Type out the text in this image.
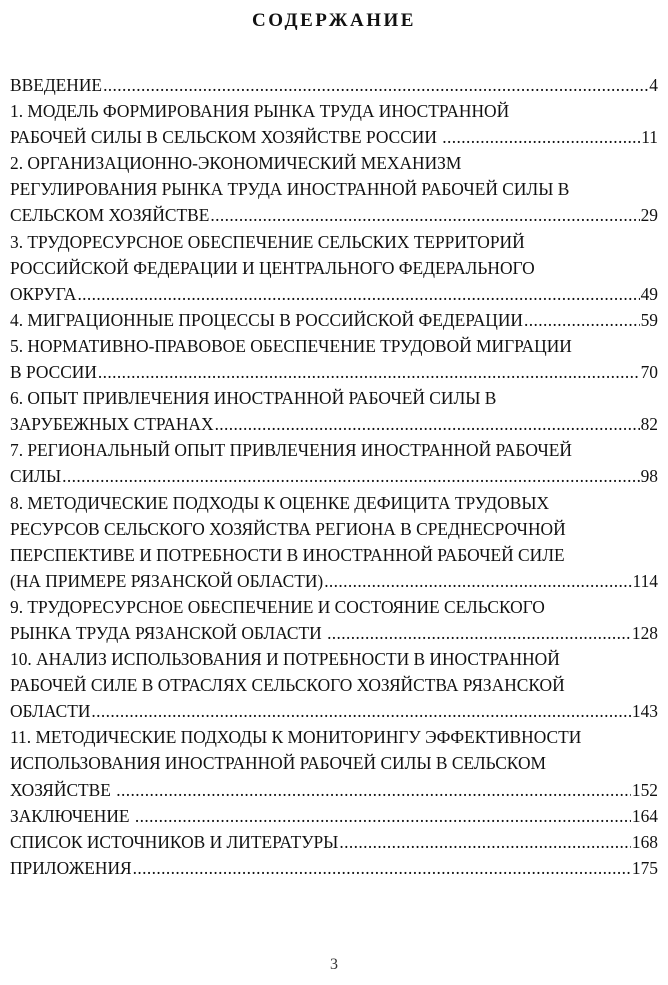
СОДЕРЖАНИЕ
ВВЕДЕНИЕ .....	4
1. МОДЕЛЬ ФОРМИРОВАНИЯ РЫНКА ТРУДА ИНОСТРАННОЙ
РАБОЧЕЙ СИЛЫ В СЕЛЬСКОМ ХОЗЯЙСТВЕ РОССИИ .....	11
2. ОРГАНИЗАЦИОННО-ЭКОНОМИЧЕСКИЙ МЕХАНИЗМ
РЕГУЛИРОВАНИЯ РЫНКА ТРУДА ИНОСТРАННОЙ РАБОЧЕЙ СИЛЫ В
СЕЛЬСКОМ ХОЗЯЙСТВЕ .....	29
3. ТРУДОРЕСУРСНОЕ ОБЕСПЕЧЕНИЕ СЕЛЬСКИХ ТЕРРИТОРИЙ
РОССИЙСКОЙ ФЕДЕРАЦИИ И ЦЕНТРАЛЬНОГО ФЕДЕРАЛЬНОГО
ОКРУГА .....	49
4. МИГРАЦИОННЫЕ ПРОЦЕССЫ В РОССИЙСКОЙ ФЕДЕРАЦИИ .....	59
5. НОРМАТИВНО-ПРАВОВОЕ ОБЕСПЕЧЕНИЕ ТРУДОВОЙ МИГРАЦИИ
В РОССИИ .....	70
6. ОПЫТ ПРИВЛЕЧЕНИЯ ИНОСТРАННОЙ РАБОЧЕЙ СИЛЫ В
ЗАРУБЕЖНЫХ СТРАНАХ .....	82
7. РЕГИОНАЛЬНЫЙ ОПЫТ ПРИВЛЕЧЕНИЯ ИНОСТРАННОЙ РАБОЧЕЙ
СИЛЫ .....	98
8. МЕТОДИЧЕСКИЕ ПОДХОДЫ К ОЦЕНКЕ ДЕФИЦИТА ТРУДОВЫХ
РЕСУРСОВ СЕЛЬСКОГО ХОЗЯЙСТВА РЕГИОНА В СРЕДНЕСРОЧНОЙ
ПЕРСПЕКТИВЕ И ПОТРЕБНОСТИ В ИНОСТРАННОЙ РАБОЧЕЙ СИЛЕ
(НА ПРИМЕРЕ РЯЗАНСКОЙ ОБЛАСТИ) .....	114
9. ТРУДОРЕСУРСНОЕ ОБЕСПЕЧЕНИЕ И СОСТОЯНИЕ СЕЛЬСКОГО
РЫНКА ТРУДА РЯЗАНСКОЙ ОБЛАСТИ .....	128
10. АНАЛИЗ ИСПОЛЬЗОВАНИЯ И ПОТРЕБНОСТИ В ИНОСТРАННОЙ
РАБОЧЕЙ СИЛЕ В ОТРАСЛЯХ СЕЛЬСКОГО ХОЗЯЙСТВА РЯЗАНСКОЙ
ОБЛАСТИ .....	143
11. МЕТОДИЧЕСКИЕ ПОДХОДЫ К МОНИТОРИНГУ ЭФФЕКТИВНОСТИ
ИСПОЛЬЗОВАНИЯ ИНОСТРАННОЙ РАБОЧЕЙ СИЛЫ В СЕЛЬСКОМ
ХОЗЯЙСТВЕ .....	152
ЗАКЛЮЧЕНИЕ .....	164
СПИСОК ИСТОЧНИКОВ И ЛИТЕРАТУРЫ .....	168
ПРИЛОЖЕНИЯ .....	175
3
